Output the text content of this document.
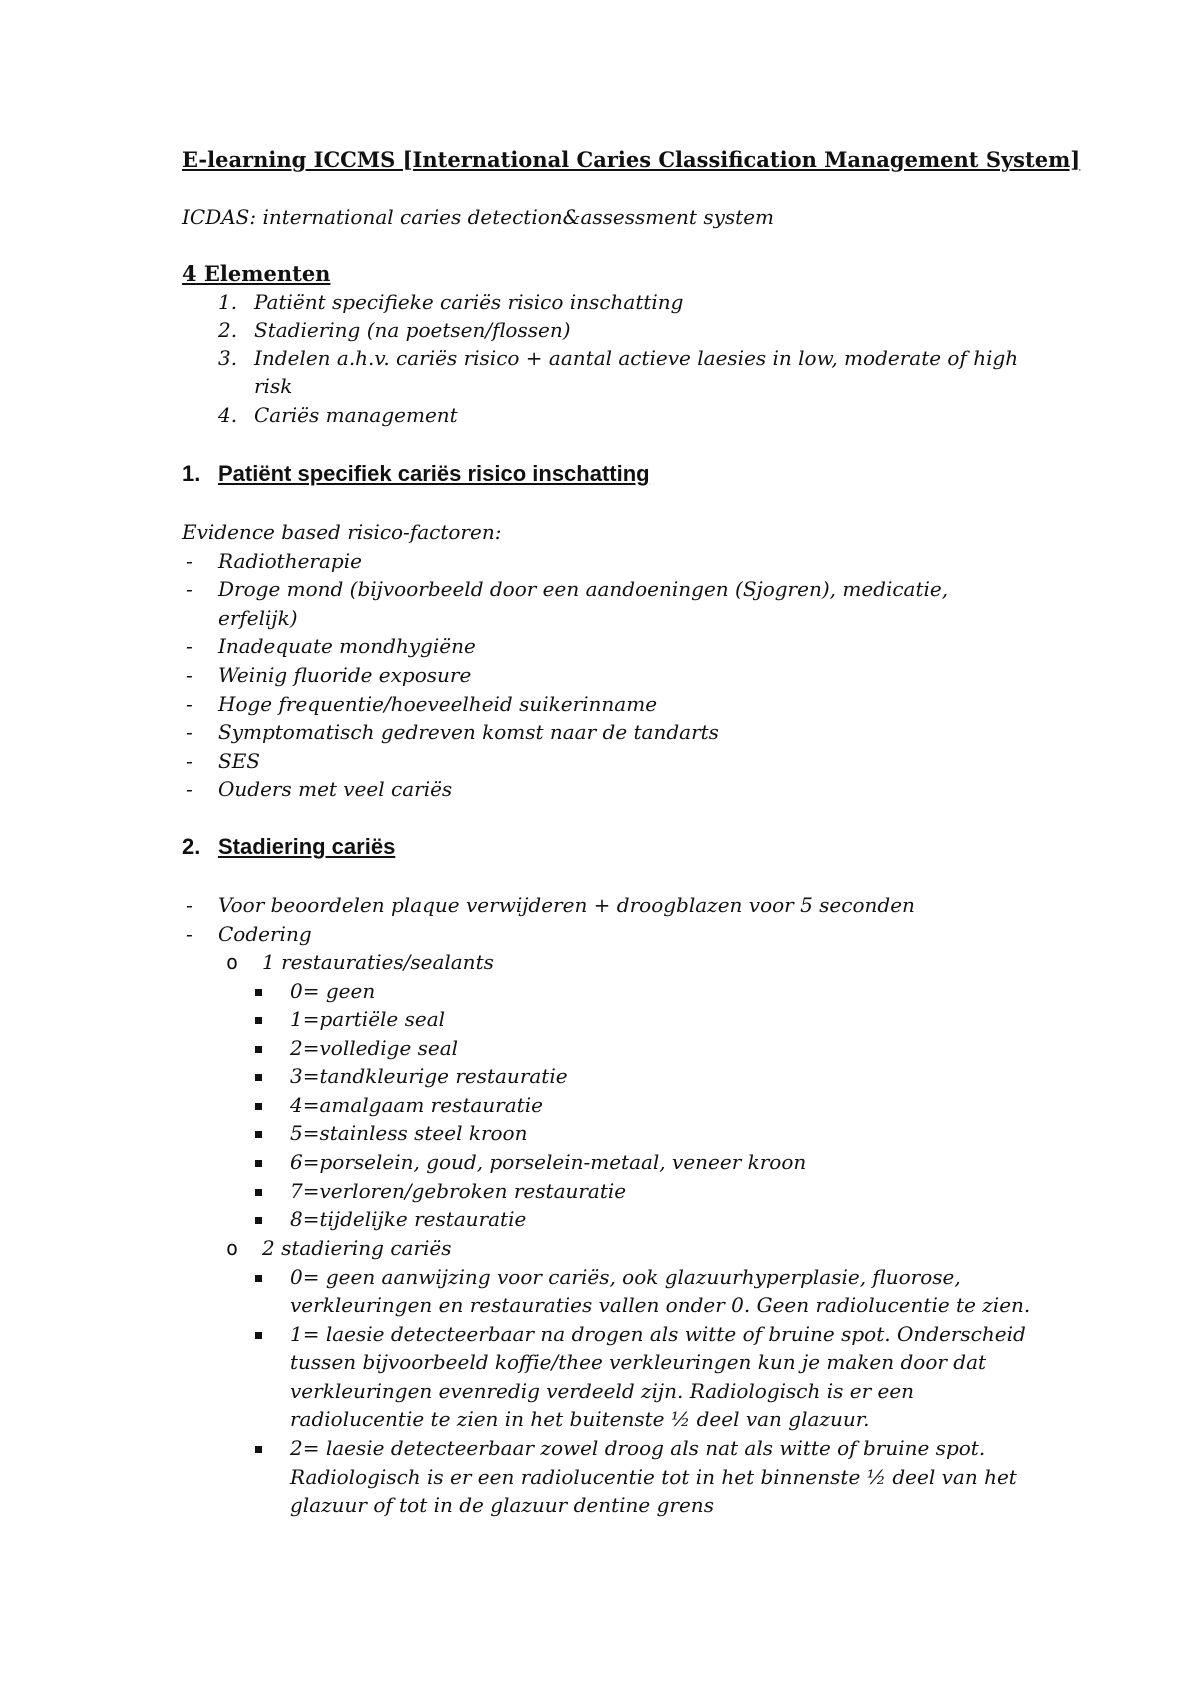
E-learning ICCMS [International Caries Classification Management System]
ICDAS: international caries detection&assessment system
4 Elementen
1. Patiënt specifieke cariës risico inschatting
2. Stadiering (na poetsen/flossen)
3. Indelen a.h.v. cariës risico + aantal actieve laesies in low, moderate of high
risk
4. Cariës management
1. Patiënt specifiek cariës risico inschatting
Evidence based risico-factoren:
- Radiotherapie
- Droge mond (bijvoorbeeld door een aandoeningen (Sjogren), medicatie,
erfelijk)
- Inadequate mondhygiëne
- Weinig fluoride exposure
- Hoge frequentie/hoeveelheid suikerinname
- Symptomatisch gedreven komst naar de tandarts
- SES
- Ouders met veel cariës
2. Stadiering cariës
- Voor beoordelen plaque verwijderen + droogblazen voor 5 seconden
- Codering
o 1 restauraties/sealants
0= geen
1=partiële seal
2=volledige seal
3=tandkleurige restauratie
4=amalgaam restauratie
5=stainless steel kroon
6=porselein, goud, porselein-metaal, veneer kroon
7=verloren/gebroken restauratie
8=tijdelijke restauratie
o 2 stadiering cariës
0= geen aanwijzing voor cariës, ook glazuurhyperplasie, fluorose,
verkleuringen en restauraties vallen onder 0. Geen radiolucentie te zien.
1= laesie detecteerbaar na drogen als witte of bruine spot. Onderscheid
tussen bijvoorbeeld koffie/thee verkleuringen kun je maken door dat
verkleuringen evenredig verdeeld zijn. Radiologisch is er een
radiolucentie te zien in het buitenste ½ deel van glazuur.
2= laesie detecteerbaar zowel droog als nat als witte of bruine spot.
Radiologisch is er een radiolucentie tot in het binnenste ½ deel van het
glazuur of tot in de glazuur dentine grens
